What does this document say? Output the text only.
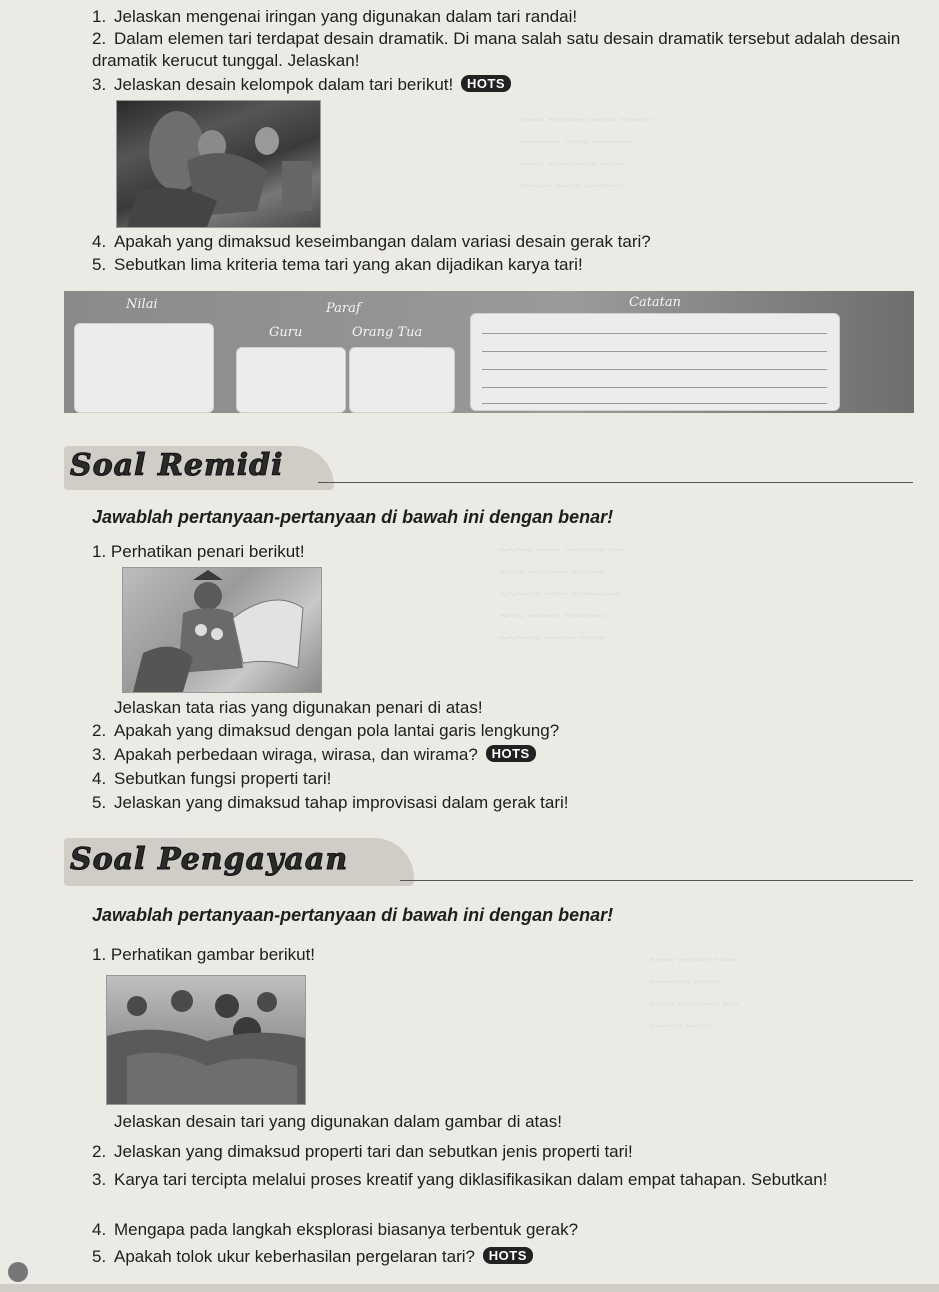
~~~ ~~~~~ ~~~ ~~~~
~~~~~ ~~~ ~~~~~
~~~ ~~~~~~ ~~~
~~~~ ~~~ ~~~~~
~~~~ ~~~ ~~~~~ ~~
~~~ ~~~~~ ~~~~
~~~~~ ~~~ ~~~~~~
~~~ ~~~~ ~~~~~
~~~~~ ~~~~ ~~~
~~~ ~~~~ ~~~
~~~~~ ~~~
~~~ ~~~~~ ~~
~~~~ ~~~
1. Jelaskan mengenai iringan yang digunakan dalam tari randai!
2. Dalam elemen tari terdapat desain dramatik. Di mana salah satu desain dramatik tersebut adalah desain dramatik kerucut tunggal. Jelaskan!
3. Jelaskan desain kelompok dalam tari berikut! HOTS
4. Apakah yang dimaksud keseimbangan dalam variasi desain gerak tari?
5. Sebutkan lima kriteria tema tari yang akan dijadikan karya tari!
Nilai	Paraf
Guru	Orang Tua
Catatan
Soal Remidi
Jawablah pertanyaan-pertanyaan di bawah ini dengan benar!
1. Perhatikan penari berikut!
Jelaskan tata rias yang digunakan penari di atas!
2. Apakah yang dimaksud dengan pola lantai garis lengkung?
3. Apakah perbedaan wiraga, wirasa, dan wirama? HOTS
4. Sebutkan fungsi properti tari!
5. Jelaskan yang dimaksud tahap improvisasi dalam gerak tari!
Soal Pengayaan
Jawablah pertanyaan-pertanyaan di bawah ini dengan benar!
1. Perhatikan gambar berikut!
Jelaskan desain tari yang digunakan dalam gambar di atas!
2. Jelaskan yang dimaksud properti tari dan sebutkan jenis properti tari!
3. Karya tari tercipta melalui proses kreatif yang diklasifikasikan dalam empat tahapan. Sebutkan!
4. Mengapa pada langkah eksplorasi biasanya terbentuk gerak?
5. Apakah tolok ukur keberhasilan pergelaran tari? HOTS
